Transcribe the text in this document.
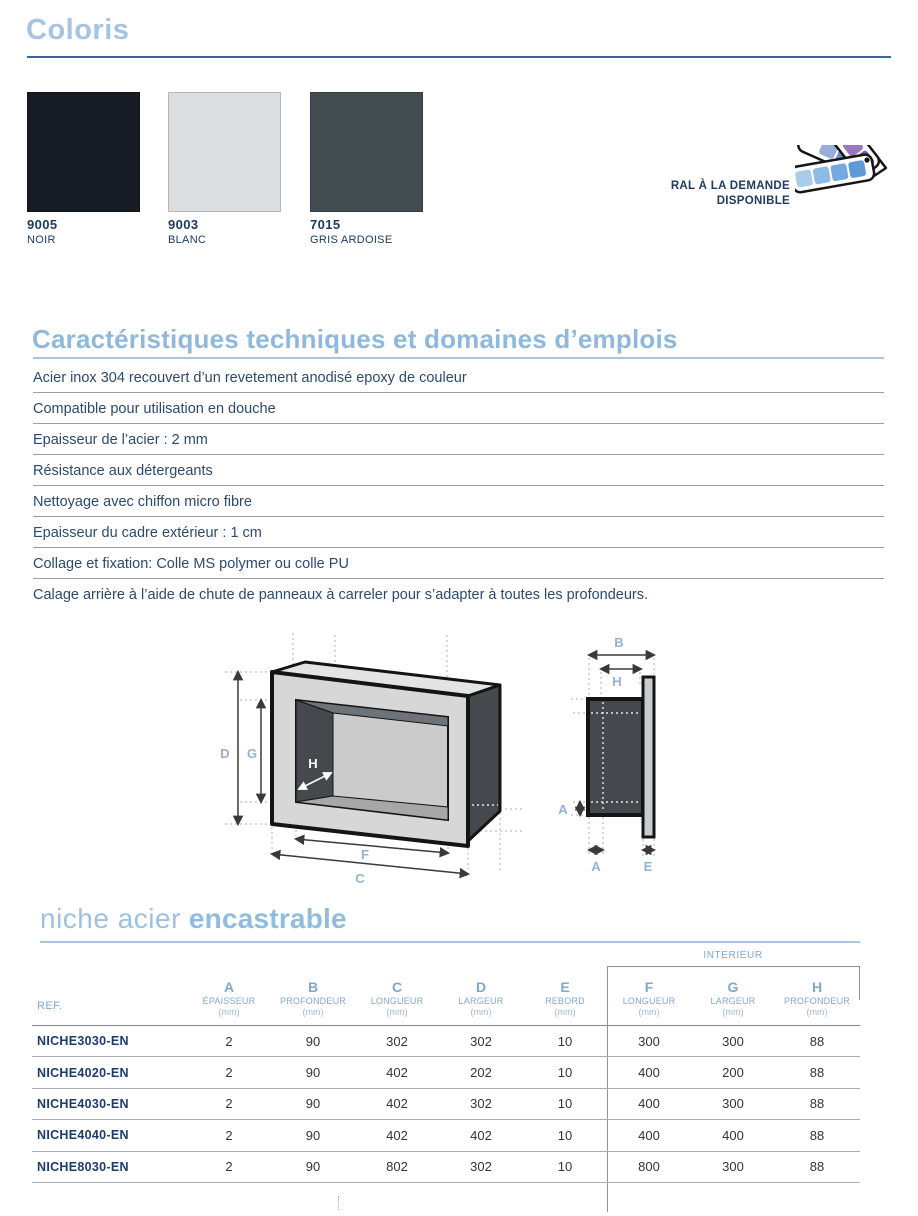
Coloris
9005
NOIR
9003
BLANC
7015
GRIS ARDOISE
RAL À LA DEMANDE
DISPONIBLE
Caractéristiques techniques et domaines d’emplois
Acier inox 304 recouvert d’un revetement anodisé epoxy de couleur
Compatible pour utilisation en douche
Epaisseur de l’acier : 2 mm
Résistance aux détergeants
Nettoyage avec chiffon micro fibre
Epaisseur du cadre extérieur : 1 cm
Collage et fixation: Colle MS polymer ou colle PU
Calage arrière à l’aide de chute de panneaux à carreler pour s’adapter à toutes les profondeurs.
D G
H
F
C
B
H
A
A	E
niche acier encastrable
INTERIEUR
REF.
A
ÉPAISSEUR
(mm)
B
PROFONDEUR
(mm)
C
LONGUEUR
(mm)
D
LARGEUR
(mm)
E
REBORD
(mm)
F
LONGUEUR
(mm)
G
LARGEUR
(mm)
H
PROFONDEUR
(mm)
NICHE3030-EN	2	90	302	302	10	300	300	88
NICHE4020-EN	2	90	402	202	10	400	200	88
NICHE4030-EN	2	90	402	302	10	400	300	88
NICHE4040-EN	2	90	402	402	10	400	400	88
NICHE8030-EN	2	90	802	302	10	800	300	88
